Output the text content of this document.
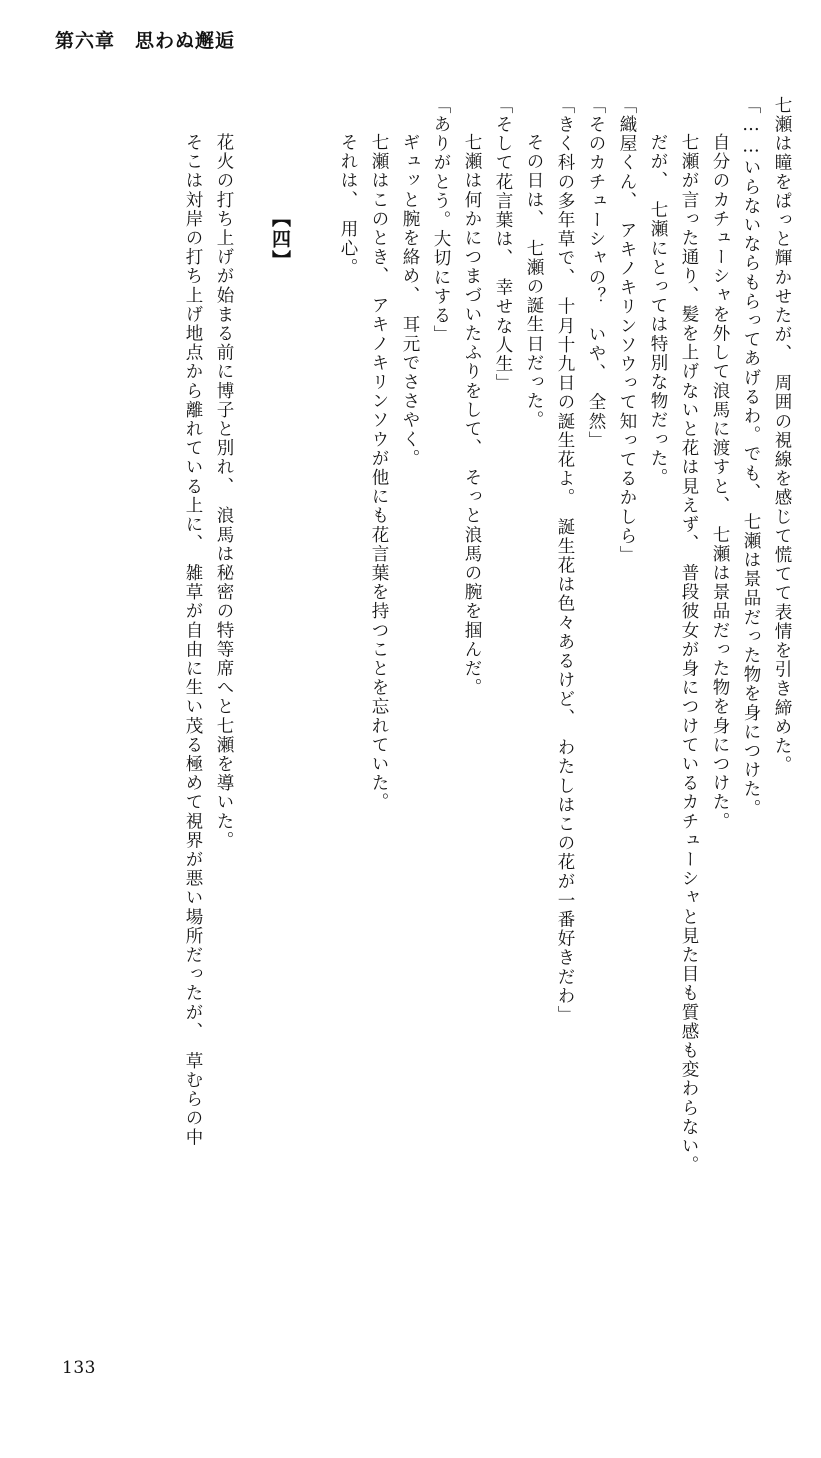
第六章　思わぬ邂逅
七瀬は瞳をぱっと輝かせたが、　周囲の視線を感じて慌てて表情を引き締めた。
「……いらないならもらってあげるわ。でも、　七瀬は景品だった物を身につけた。
　自分のカチューシャを外して浪馬に渡すと、　七瀬は景品だった物を身につけた。
　七瀬が言った通り、髪を上げないと花は見えず、　普段彼女が身につけているカチューシャと見た目も質感も変わらない。
　だが、　七瀬にとっては特別な物だった。
「織屋くん、　アキノキリンソウって知ってるかしら」
「そのカチューシャの？　いや、　全然」
「きく科の多年草で、　十月十九日の誕生花よ。　誕生花は色々あるけど、　わたしはこの花が一番好きだわ」
　その日は、　七瀬の誕生日だった。
「そして花言葉は、　幸せな人生」
　七瀬は何かにつまづいたふりをして、　そっと浪馬の腕を掴んだ。
「ありがとう。大切にする」
　ギュッと腕を絡め、　耳元でささやく。
　七瀬はこのとき、　アキノキリンソウが他にも花言葉を持つことを忘れていた。
　それは、　用心。
【四】
　花火の打ち上げが始まる前に博子と別れ、　浪馬は秘密の特等席へと七瀬を導いた。
　そこは対岸の打ち上げ地点から離れている上に、　雑草が自由に生い茂る極めて視界が悪い場所だったが、　草むらの中
133
